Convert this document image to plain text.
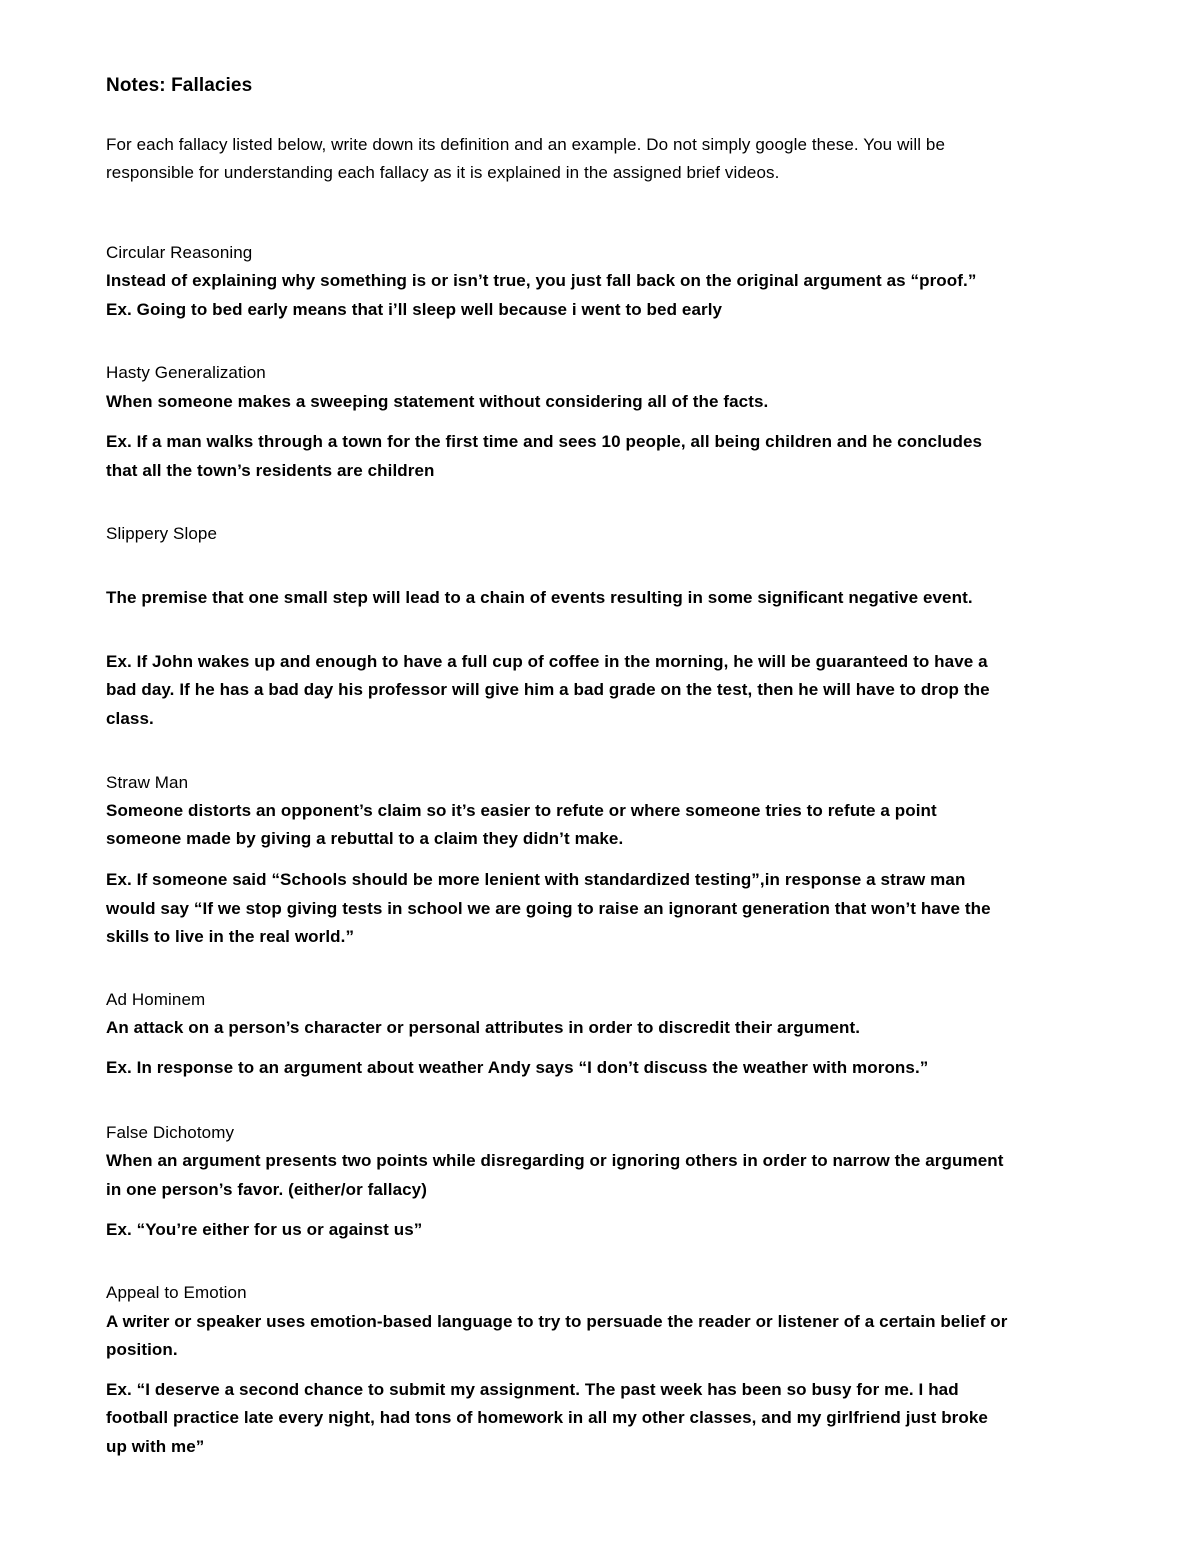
Notes: Fallacies
For each fallacy listed below, write down its definition and an example. Do not simply google these. You will be
responsible for understanding each fallacy as it is explained in the assigned brief videos.
Circular Reasoning
Instead of explaining why something is or isn’t true, you just fall back on the original argument as “proof.”
Ex. Going to bed early means that i’ll sleep well because i went to bed early
Hasty Generalization
When someone makes a sweeping statement without considering all of the facts.
Ex. If a man walks through a town for the first time and sees 10 people, all being children and he concludes
that all the town’s residents are children
Slippery Slope
The premise that one small step will lead to a chain of events resulting in some significant negative event.
Ex. If John wakes up and enough to have a full cup of coffee in the morning, he will be guaranteed to have a
bad day. If he has a bad day his professor will give him a bad grade on the test, then he will have to drop the
class.
Straw Man
Someone distorts an opponent’s claim so it’s easier to refute or where someone tries to refute a point
someone made by giving a rebuttal to a claim they didn’t make.
Ex. If someone said “Schools should be more lenient with standardized testing”,in response a straw man
would say “If we stop giving tests in school we are going to raise an ignorant generation that won’t have the
skills to live in the real world.”
Ad Hominem
An attack on a person’s character or personal attributes in order to discredit their argument.
Ex. In response to an argument about weather Andy says “I don’t discuss the weather with morons.”
False Dichotomy
When an argument presents two points while disregarding or ignoring others in order to narrow the argument
in one person’s favor. (either/or fallacy)
Ex. “You’re either for us or against us”
Appeal to Emotion
A writer or speaker uses emotion-based language to try to persuade the reader or listener of a certain belief or
position.
Ex. “I deserve a second chance to submit my assignment. The past week has been so busy for me. I had
football practice late every night, had tons of homework in all my other classes, and my girlfriend just broke
up with me”
